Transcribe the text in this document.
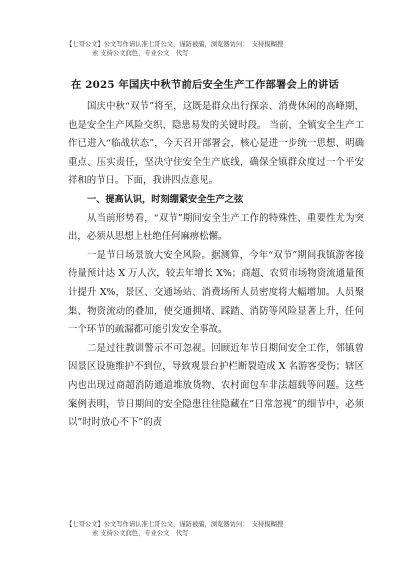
【七哥公文】公文写作请认准七哥公文，谨防被骗，浏览器访问：　支持模糊搜
索 支持公文润色，专业公文　代写
在 2025 年国庆中秋节前后安全生产工作部署会上的讲话

国庆中秋“双节”将至，这既是群众出行探亲、消费休闲的高峰期，也是安全生产风险交织、隐患易发的关键时段。 当前，全镇安全生产工作已进入“临战状态”，今天召开部署会，核心是进一步统一思想、明确重点、压实责任，坚决守住安全生产底线，确保全镇群众度过一个平安祥和的节日。下面，我讲四点意见。

一、提高认识，时刻绷紧安全生产之弦

从当前形势看，“双节”期间安全生产工作的特殊性、重要性尤为突出，必须从思想上杜绝任何麻痹松懈。

一是节日场景放大安全风险。据测算，今年“双节”期间我镇游客接待量预计达 X 万人次，较去年增长 X%；商超、农贸市场物资流通量预计提升 X%，景区、交通场站、消费场所人员密度将大幅增加。人员聚集、物资流动的叠加，使交通拥堵、踩踏、消防等风险显著上升，任何一个环节的疏漏都可能引发安全事故。

二是过往教训警示不可忽视。回顾近年节日期间安全工作，邻镇曾因景区设施维护不到位，导致观景台护栏断裂造成 X 名游客受伤；辖区内也出现过商超消防通道堆放货物、农村面包车非法超载等问题。这些案例表明，节日期间的安全隐患往往隐藏在”日常忽视”的细节中，必须以”时时放心不下”的责

【七哥公文】公文写作请认准七哥公文，谨防被骗，浏览器访问：　支持模糊搜
索 支持公文润色，专业公文　代写
